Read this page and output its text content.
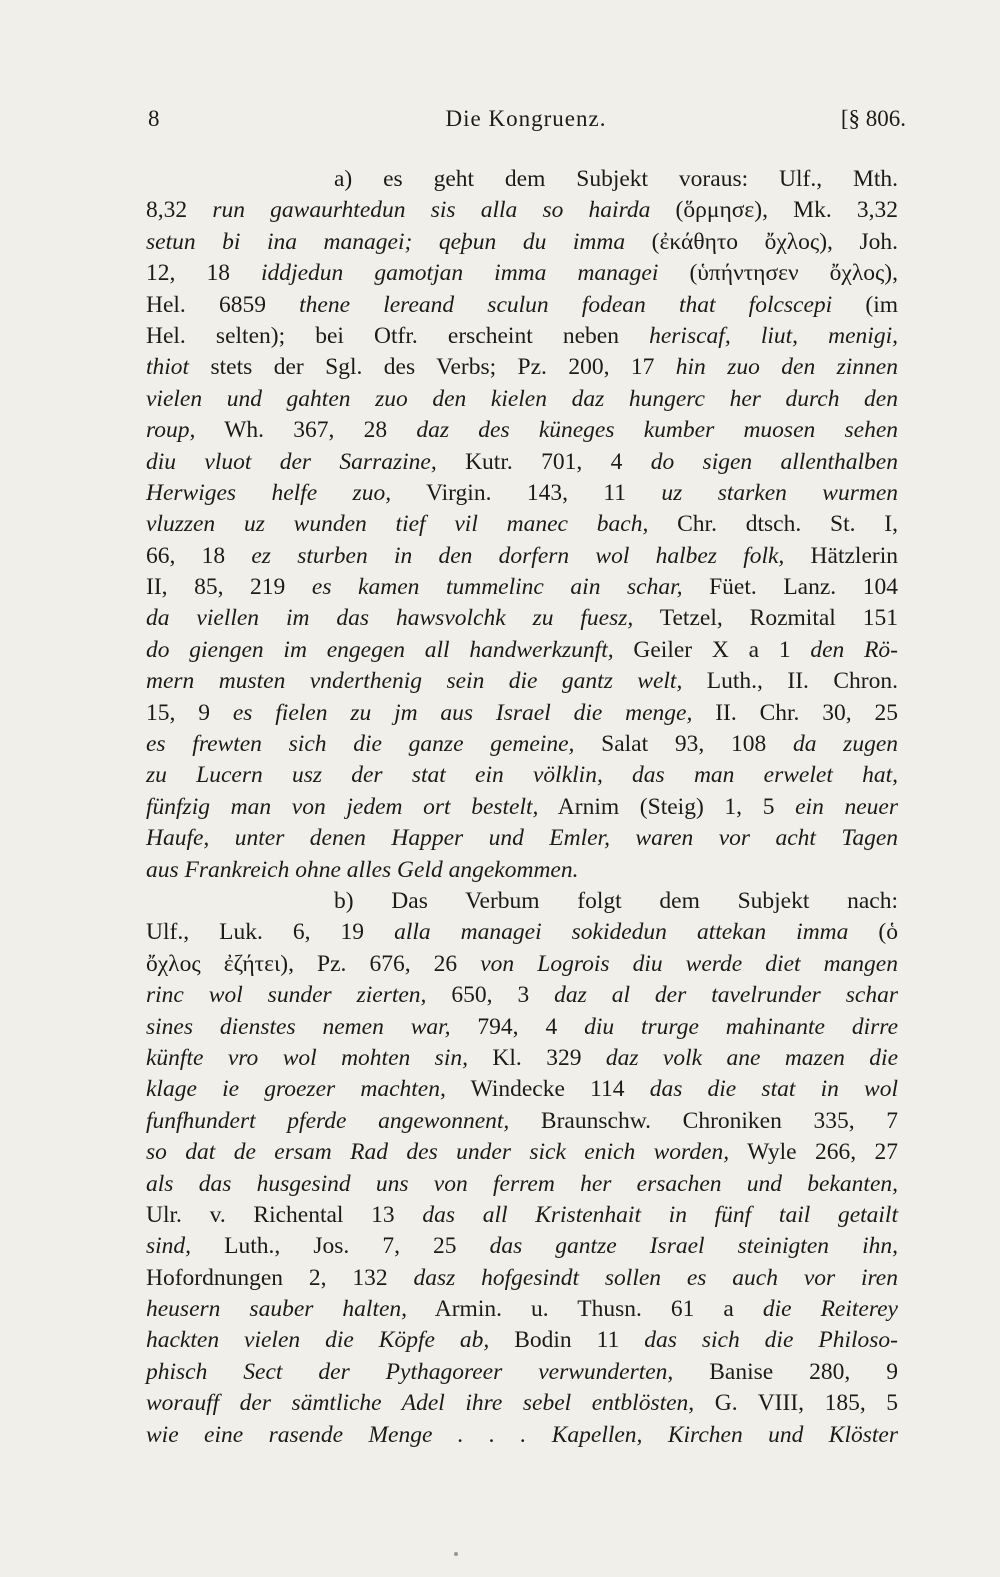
8	Die Kongruenz.	[§ 806.
a) es geht dem Subjekt voraus: Ulf., Mth.
8,32 run gawaurhtedun sis alla so hairda (ὅρμησε), Mk. 3,32
setun bi ina managei; qeþun du imma (ἐκάθητο ὄχλος), Joh.
12, 18 iddjedun gamotjan imma managei (ὑπήντησεν ὄχλος),
Hel. 6859 thene lereand sculun fodean that folcscepi (im
Hel. selten); bei Otfr. erscheint neben heriscaf, liut, menigi,
thiot stets der Sgl. des Verbs; Pz. 200, 17 hin zuo den zinnen
vielen und gahten zuo den kielen daz hungerc her durch den
roup, Wh. 367, 28 daz des küneges kumber muosen sehen
diu vluot der Sarrazine, Kutr. 701, 4 do sigen allenthalben
Herwiges helfe zuo, Virgin. 143, 11 uz starken wurmen
vluzzen uz wunden tief vil manec bach, Chr. dtsch. St. I,
66, 18 ez sturben in den dorfern wol halbez folk, Hätzlerin
II, 85, 219 es kamen tummelinc ain schar, Füet. Lanz. 104
da viellen im das hawsvolchk zu fuesz, Tetzel, Rozmital 151
do giengen im engegen all handwerkzunft, Geiler X a 1 den Rö-
mern musten vnderthenig sein die gantz welt, Luth., II. Chron.
15, 9 es fielen zu jm aus Israel die menge, II. Chr. 30, 25
es frewten sich die ganze gemeine, Salat 93, 108 da zugen
zu Lucern usz der stat ein völklin, das man erwelet hat,
fünfzig man von jedem ort bestelt, Arnim (Steig) 1, 5 ein neuer
Haufe, unter denen Happer und Emler, waren vor acht Tagen
aus Frankreich ohne alles Geld angekommen.
b) Das Verbum folgt dem Subjekt nach:
Ulf., Luk. 6, 19 alla managei sokidedun attekan imma (ὁ
ὄχλος ἐζήτει), Pz. 676, 26 von Logrois diu werde diet mangen
rinc wol sunder zierten, 650, 3 daz al der tavelrunder schar
sines dienstes nemen war, 794, 4 diu trurge mahinante dirre
künfte vro wol mohten sin, Kl. 329 daz volk ane mazen die
klage ie groezer machten, Windecke 114 das die stat in wol
funfhundert pferde angewonnent, Braunschw. Chroniken 335, 7
so dat de ersam Rad des under sick enich worden, Wyle 266, 27
als das husgesind uns von ferrem her ersachen und bekanten,
Ulr. v. Richental 13 das all Kristenhait in fünf tail getailt
sind, Luth., Jos. 7, 25 das gantze Israel steinigten ihn,
Hofordnungen 2, 132 dasz hofgesindt sollen es auch vor iren
heusern sauber halten, Armin. u. Thusn. 61 a die Reiterey
hackten vielen die Köpfe ab, Bodin 11 das sich die Philoso-
phisch Sect der Pythagoreer verwunderten, Banise 280, 9
worauff der sämtliche Adel ihre sebel entblösten, G. VIII, 185, 5
wie eine rasende Menge . . . Kapellen, Kirchen und Klöster
